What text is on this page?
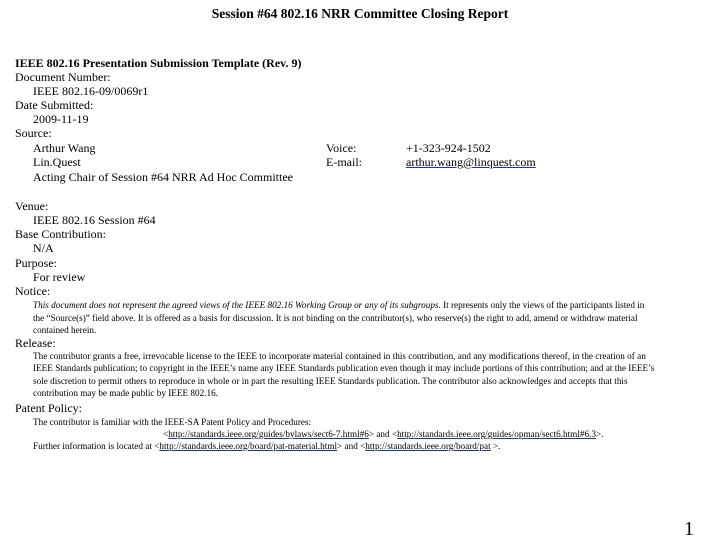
Session #64 802.16 NRR Committee Closing Report
IEEE 802.16 Presentation Submission Template (Rev. 9)
Document Number:
IEEE 802.16-09/0069r1
Date Submitted:
2009-11-19
Source:
Arthur Wang
Lin.Quest
Acting Chair of Session #64 NRR Ad Hoc Committee
Voice:
E-mail:
+1-323-924-1502
arthur.wang@linquest.com
Venue:
IEEE 802.16 Session #64
Base Contribution:
N/A
Purpose:
For review
Notice:
This document does not represent the agreed views of the IEEE 802.16 Working Group or any of its subgroups. It represents only the views of the participants listed in
the “Source(s)” field above. It is offered as a basis for discussion. It is not binding on the contributor(s), who reserve(s) the right to add, amend or withdraw material
contained herein.
Release:
The contributor grants a free, irrevocable license to the IEEE to incorporate material contained in this contribution, and any modifications thereof, in the creation of an
IEEE Standards publication; to copyright in the IEEE’s name any IEEE Standards publication even though it may include portions of this contribution; and at the IEEE’s
sole discretion to permit others to reproduce in whole or in part the resulting IEEE Standards publication. The contributor also acknowledges and accepts that this
contribution may be made public by IEEE 802.16.
Patent Policy:
The contributor is familiar with the IEEE-SA Patent Policy and Procedures:
<http://standards.ieee.org/guides/bylaws/sect6-7.html#6> and <http://standards.ieee.org/guides/opman/sect6.html#6.3>.
Further information is located at <http://standards.ieee.org/board/pat-material.html> and <http://standards.ieee.org/board/pat >.
1
